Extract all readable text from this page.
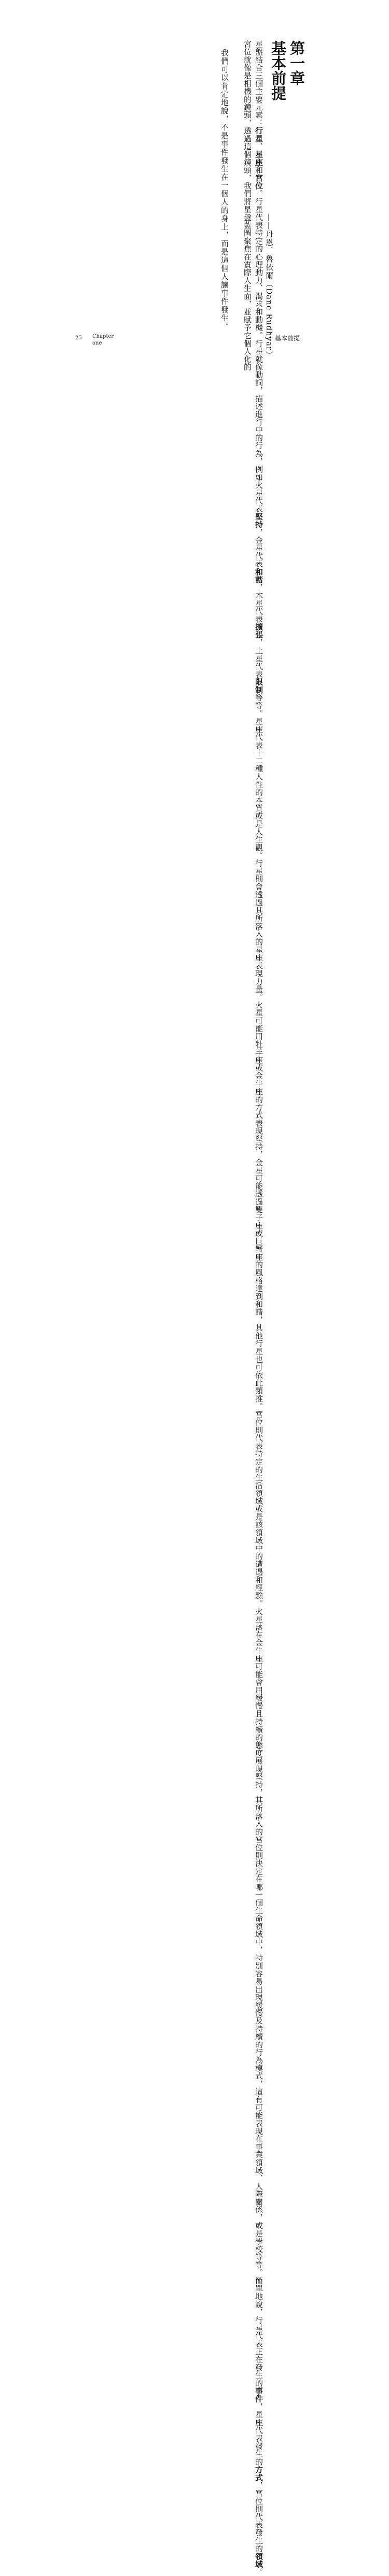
第一章
基本前提
我們可以肯定地說，不是事件發生在一個人的身上，而是這個人讓事件發生。	——丹恩．魯依爾（Dane Rudhyar）
　星盤結合三個主要元素：行星、星座和宮位。行星代表特定的心理動力、渴求和動機。行星就像動詞，描述進行中的行為，例如火星代表堅持，金星代表和諧，木星代表擴張，土星代表限制等等。星座代表十二種人性的本質或是人生觀。行星則會透過其所落入的星座表現力量。火星可能用牡羊座或金牛座的方式表現堅持，金星可能透過雙子座或巨蟹座的風格達到和諧，其他行星也可依此類推。宮位則代表特定的生活領域或是該領域中的遭遇和經驗。火星落在金牛座可能會用緩慢且持續的態度展現堅持，其所落入的宮位則決定在哪一個生命領域中，特別容易出現緩慢及持續的行為模式，這有可能表現在事業領域、人際關係，或是學校等等。簡單地說，行星代表正在發生的事件，星座代表發生的方式，宮位則代表發生的領域。
　宮位就像是相機的鏡頭，透過這個鏡頭，我們將星盤藍圖聚焦在實際人生面，並賦予它個人化的
25 Chapter
one
基本前提
